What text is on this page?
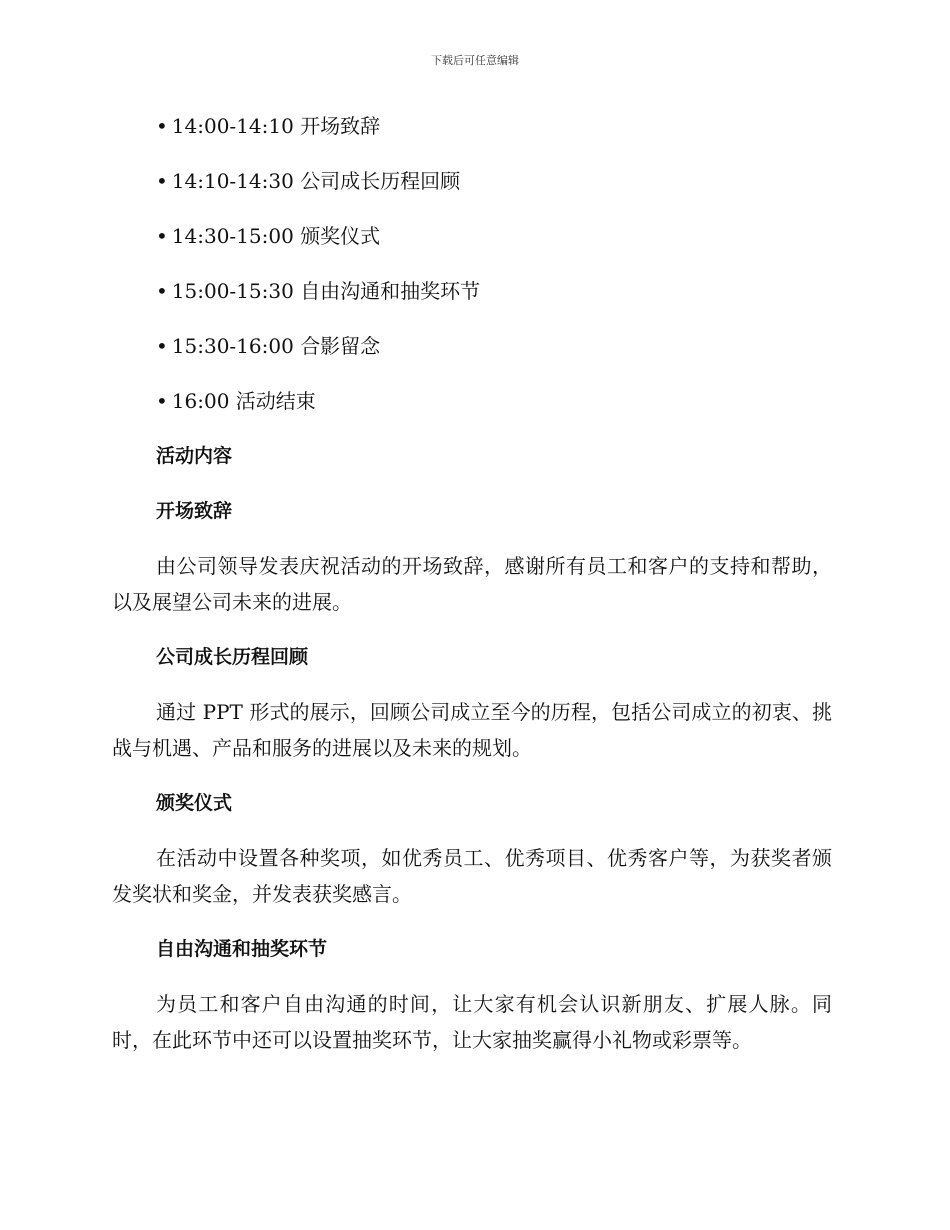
下载后可任意编辑
• 14:00-14:10 开场致辞
• 14:10-14:30 公司成长历程回顾
• 14:30-15:00 颁奖仪式
• 15:00-15:30 自由沟通和抽奖环节
• 15:30-16:00 合影留念
• 16:00 活动结束
活动内容
开场致辞

由公司领导发表庆祝活动的开场致辞，感谢所有员工和客户的支持和帮助，以及展望公司未来的进展。

公司成长历程回顾

通过 PPT 形式的展示，回顾公司成立至今的历程，包括公司成立的初衷、挑战与机遇、产品和服务的进展以及未来的规划。

颁奖仪式

在活动中设置各种奖项，如优秀员工、优秀项目、优秀客户等，为获奖者颁发奖状和奖金，并发表获奖感言。

自由沟通和抽奖环节

为员工和客户自由沟通的时间，让大家有机会认识新朋友、扩展人脉。同时，在此环节中还可以设置抽奖环节，让大家抽奖赢得小礼物或彩票等。
